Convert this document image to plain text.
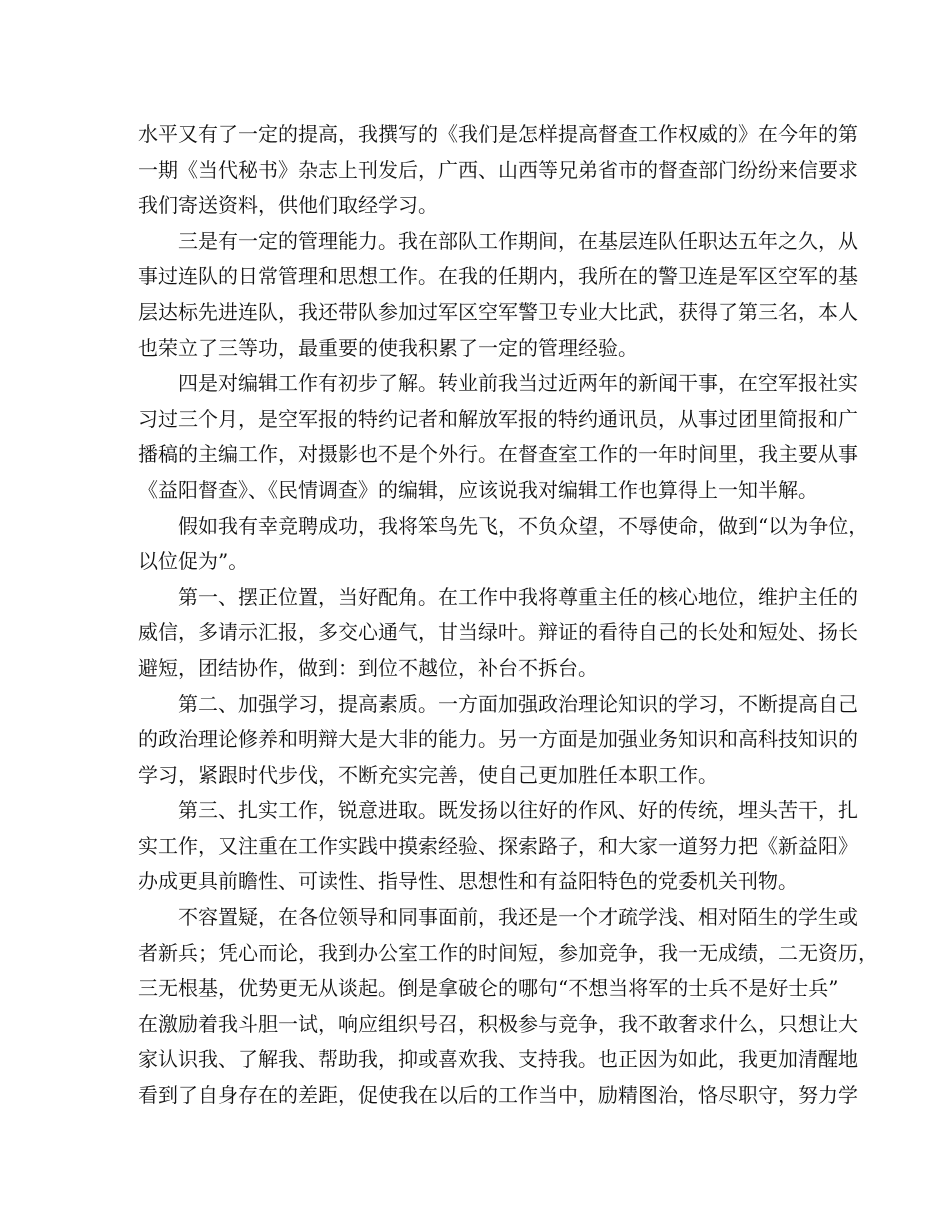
水平又有了一定的提高，我撰写的《我们是怎样提高督查工作权威的》在今年的第
一期《当代秘书》杂志上刊发后，广西、山西等兄弟省市的督查部门纷纷来信要求
我们寄送资料，供他们取经学习。
三是有一定的管理能力。我在部队工作期间，在基层连队任职达五年之久，从
事过连队的日常管理和思想工作。在我的任期内，我所在的警卫连是军区空军的基
层达标先进连队，我还带队参加过军区空军警卫专业大比武，获得了第三名，本人
也荣立了三等功，最重要的使我积累了一定的管理经验。
四是对编辑工作有初步了解。转业前我当过近两年的新闻干事，在空军报社实
习过三个月，是空军报的特约记者和解放军报的特约通讯员，从事过团里简报和广
播稿的主编工作，对摄影也不是个外行。在督查室工作的一年时间里，我主要从事
《益阳督查》、《民情调查》的编辑，应该说我对编辑工作也算得上一知半解。
假如我有幸竞聘成功，我将笨鸟先飞，不负众望，不辱使命，做到“以为争位，
以位促为”。
第一、摆正位置，当好配角。在工作中我将尊重主任的核心地位，维护主任的
威信，多请示汇报，多交心通气，甘当绿叶。辩证的看待自己的长处和短处、扬长
避短，团结协作，做到：到位不越位，补台不拆台。
第二、加强学习，提高素质。一方面加强政治理论知识的学习，不断提高自己
的政治理论修养和明辩大是大非的能力。另一方面是加强业务知识和高科技知识的
学习，紧跟时代步伐，不断充实完善，使自己更加胜任本职工作。
第三、扎实工作，锐意进取。既发扬以往好的作风、好的传统，埋头苦干，扎
实工作，又注重在工作实践中摸索经验、探索路子，和大家一道努力把《新益阳》
办成更具前瞻性、可读性、指导性、思想性和有益阳特色的党委机关刊物。
不容置疑，在各位领导和同事面前，我还是一个才疏学浅、相对陌生的学生或
者新兵；凭心而论，我到办公室工作的时间短，参加竞争，我一无成绩，二无资历，
三无根基，优势更无从谈起。倒是拿破仑的哪句“不想当将军的士兵不是好士兵”
在激励着我斗胆一试，响应组织号召，积极参与竞争，我不敢奢求什么，只想让大
家认识我、了解我、帮助我，抑或喜欢我、支持我。也正因为如此，我更加清醒地
看到了自身存在的差距，促使我在以后的工作当中，励精图治，恪尽职守，努力学
